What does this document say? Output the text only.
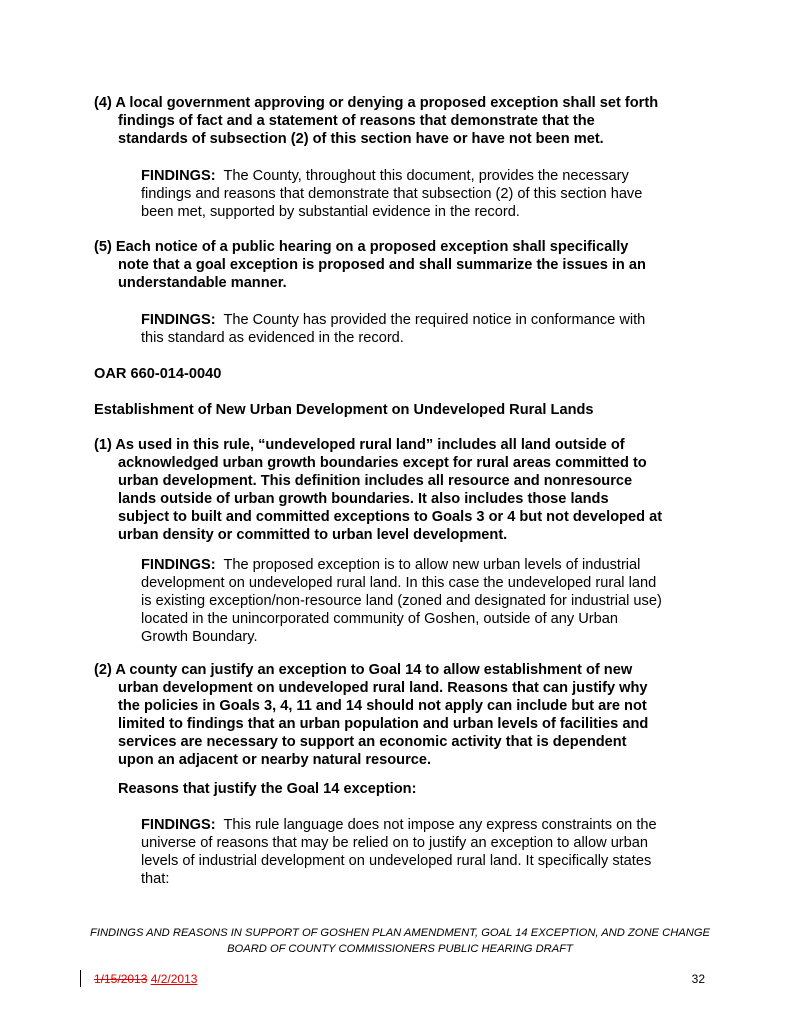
(4) A local government approving or denying a proposed exception shall set forth
findings of fact and a statement of reasons that demonstrate that the
standards of subsection (2) of this section have or have not been met.
FINDINGS:  The County, throughout this document, provides the necessary
findings and reasons that demonstrate that subsection (2) of this section have
been met, supported by substantial evidence in the record.
(5) Each notice of a public hearing on a proposed exception shall specifically
note that a goal exception is proposed and shall summarize the issues in an
understandable manner.
FINDINGS:  The County has provided the required notice in conformance with
this standard as evidenced in the record.
OAR 660-014-0040
Establishment of New Urban Development on Undeveloped Rural Lands
(1) As used in this rule, “undeveloped rural land” includes all land outside of
acknowledged urban growth boundaries except for rural areas committed to
urban development. This definition includes all resource and nonresource
lands outside of urban growth boundaries. It also includes those lands
subject to built and committed exceptions to Goals 3 or 4 but not developed at
urban density or committed to urban level development.
FINDINGS:  The proposed exception is to allow new urban levels of industrial
development on undeveloped rural land. In this case the undeveloped rural land
is existing exception/non-resource land (zoned and designated for industrial use)
located in the unincorporated community of Goshen, outside of any Urban
Growth Boundary.
(2) A county can justify an exception to Goal 14 to allow establishment of new
urban development on undeveloped rural land. Reasons that can justify why
the policies in Goals 3, 4, 11 and 14 should not apply can include but are not
limited to findings that an urban population and urban levels of facilities and
services are necessary to support an economic activity that is dependent
upon an adjacent or nearby natural resource.
Reasons that justify the Goal 14 exception:
FINDINGS:  This rule language does not impose any express constraints on the
universe of reasons that may be relied on to justify an exception to allow urban
levels of industrial development on undeveloped rural land. It specifically states
that:
FINDINGS AND REASONS IN SUPPORT OF GOSHEN PLAN AMENDMENT, GOAL 14 EXCEPTION, AND ZONE CHANGE
BOARD OF COUNTY COMMISSIONERS PUBLIC HEARING DRAFT
1/15/2013 4/2/2013	32
